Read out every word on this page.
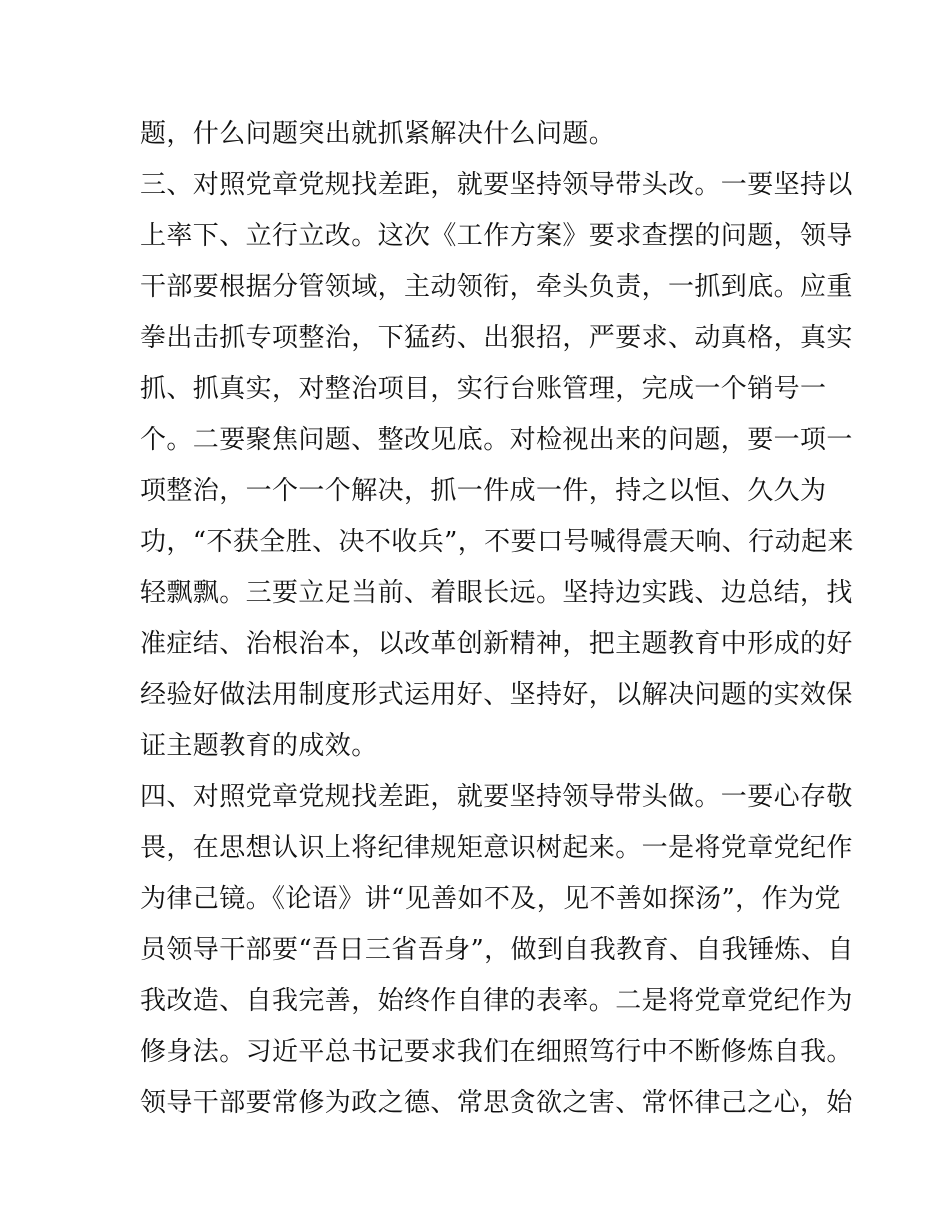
题，什么问题突出就抓紧解决什么问题。
三、对照党章党规找差距，就要坚持领导带头改。一要坚持以
上率下、立行立改。这次《工作方案》要求查摆的问题，领导
干部要根据分管领域，主动领衔，牵头负责，一抓到底。应重
拳出击抓专项整治，下猛药、出狠招，严要求、动真格，真实
抓、抓真实，对整治项目，实行台账管理，完成一个销号一
个。二要聚焦问题、整改见底。对检视出来的问题，要一项一
项整治，一个一个解决，抓一件成一件，持之以恒、久久为
功，“不获全胜、决不收兵”，不要口号喊得震天响、行动起来
轻飘飘。三要立足当前、着眼长远。坚持边实践、边总结，找
准症结、治根治本，以改革创新精神，把主题教育中形成的好
经验好做法用制度形式运用好、坚持好，以解决问题的实效保
证主题教育的成效。
四、对照党章党规找差距，就要坚持领导带头做。一要心存敬
畏，在思想认识上将纪律规矩意识树起来。一是将党章党纪作
为律己镜。《论语》讲“见善如不及，见不善如探汤”，作为党
员领导干部要“吾日三省吾身”，做到自我教育、自我锤炼、自
我改造、自我完善，始终作自律的表率。二是将党章党纪作为
修身法。习近平总书记要求我们在细照笃行中不断修炼自我。
领导干部要常修为政之德、常思贪欲之害、常怀律己之心，始
